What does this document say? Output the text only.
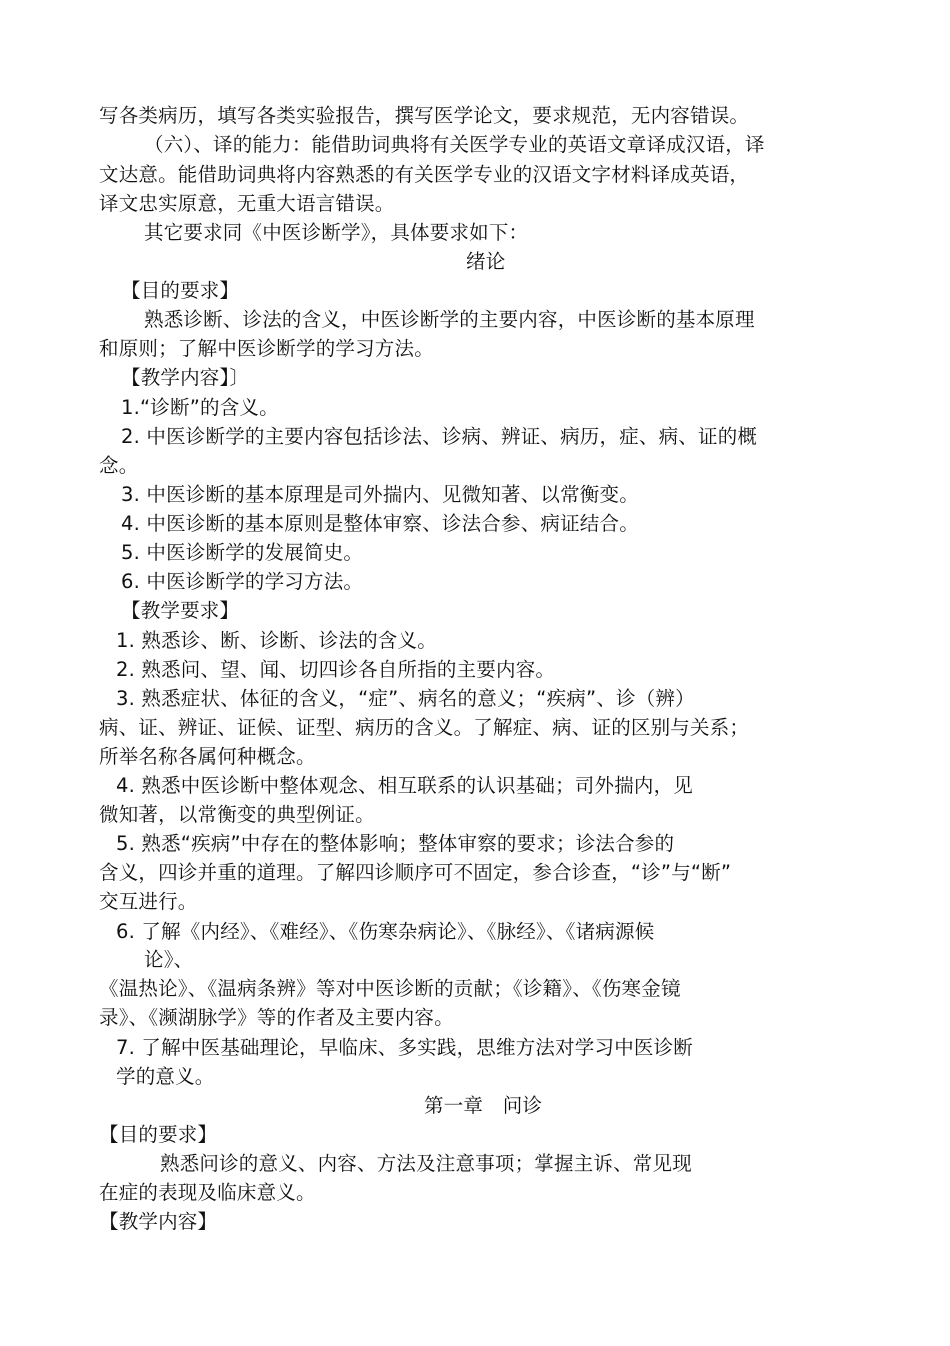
写各类病历，填写各类实验报告，撰写医学论文，要求规范，无内容错误。
（六）、译的能力：能借助词典将有关医学专业的英语文章译成汉语，译
文达意。能借助词典将内容熟悉的有关医学专业的汉语文字材料译成英语，
译文忠实原意，无重大语言错误。
其它要求同《中医诊断学》，具体要求如下：
绪论
【目的要求】
熟悉诊断、诊法的含义，中医诊断学的主要内容，中医诊断的基本原理
和原则；了解中医诊断学的学习方法。
【教学内容】〕
1.“诊断”的含义。
2. 中医诊断学的主要内容包括诊法、诊病、辨证、病历，症、病、证的概
念。
3. 中医诊断的基本原理是司外揣内、见微知著、以常衡变。
4. 中医诊断的基本原则是整体审察、诊法合参、病证结合。
5. 中医诊断学的发展简史。
6. 中医诊断学的学习方法。
【教学要求】
1. 熟悉诊、断、诊断、诊法的含义。
2. 熟悉问、望、闻、切四诊各自所指的主要内容。
3. 熟悉症状、体征的含义，“症”、病名的意义；“疾病”、诊（辨）
病、证、辨证、证候、证型、病历的含义。了解症、病、证的区别与关系；
所举名称各属何种概念。
4. 熟悉中医诊断中整体观念、相互联系的认识基础；司外揣内，见
微知著，以常衡变的典型例证。
5. 熟悉“疾病”中存在的整体影响；整体审察的要求；诊法合参的
含义，四诊并重的道理。了解四诊顺序可不固定，参合诊查，“诊”与“断”
交互进行。
6. 了解《内经》、《难经》、《伤寒杂病论》、《脉经》、《诸病源候
论》、
《温热论》、《温病条辨》等对中医诊断的贡献；《诊籍》、《伤寒金镜
录》、《濒湖脉学》等的作者及主要内容。
7. 了解中医基础理论，早临床、多实践，思维方法对学习中医诊断
学的意义。
第一章　问诊
【目的要求】
熟悉问诊的意义、内容、方法及注意事项；掌握主诉、常见现
在症的表现及临床意义。
【教学内容】
